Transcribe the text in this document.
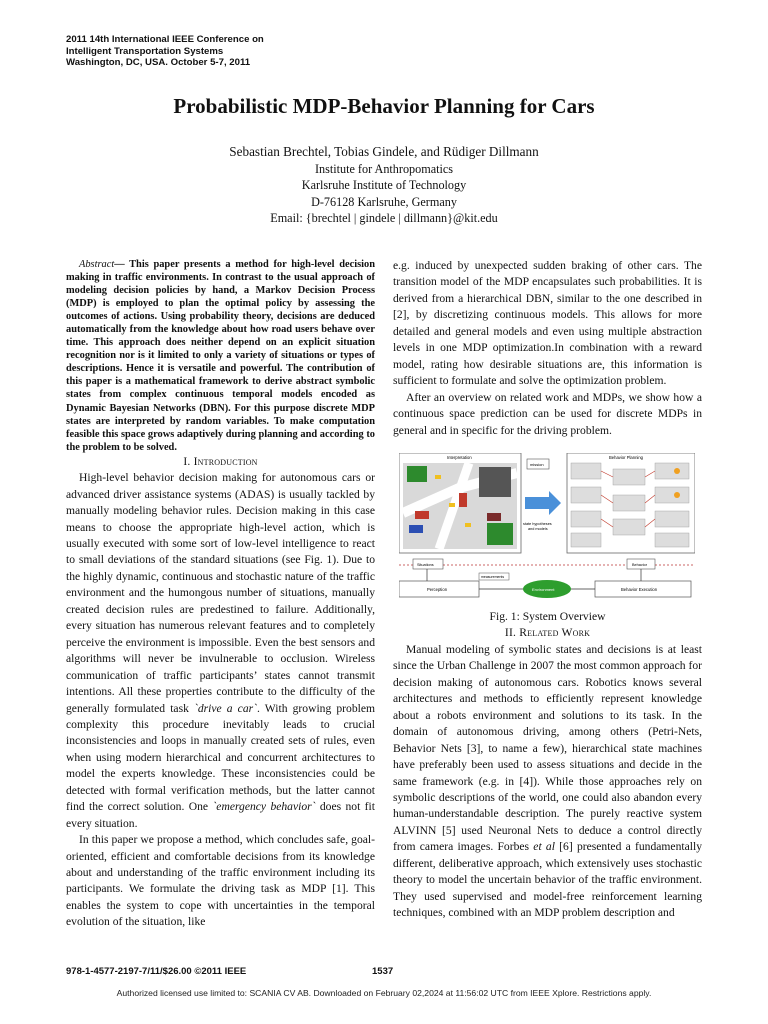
2011 14th International IEEE Conference on
Intelligent Transportation Systems
Washington, DC, USA. October 5-7, 2011
Probabilistic MDP-Behavior Planning for Cars
Sebastian Brechtel, Tobias Gindele, and Rüdiger Dillmann
Institute for Anthropomatics
Karlsruhe Institute of Technology
D-76128 Karlsruhe, Germany
Email: {brechtel | gindele | dillmann}@kit.edu

Abstract— This paper presents a method for high-level decision making in traffic environments. In contrast to the usual approach of modeling decision policies by hand, a Markov Decision Process (MDP) is employed to plan the optimal policy by assessing the outcomes of actions. Using probability theory, decisions are deduced automatically from the knowledge about how road users behave over time. This approach does neither depend on an explicit situation recognition nor is it limited to only a variety of situations or types of descriptions. Hence it is versatile and powerful. The contribution of this paper is a mathematical framework to derive abstract symbolic states from complex continuous temporal models encoded as Dynamic Bayesian Networks (DBN). For this purpose discrete MDP states are interpreted by random variables. To make computation feasible this space grows adaptively during planning and according to the problem to be solved.

I. Introduction

High-level behavior decision making for autonomous cars or advanced driver assistance systems (ADAS) is usually tackled by manually modeling behavior rules. Decision making in this case means to choose the appropriate high-level action, which is usually executed with some sort of low-level intelligence to react to small deviations of the standard situations (see Fig. 1). Due to the highly dynamic, continuous and stochastic nature of the traffic environment and the humongous number of situations, manually created decision rules are predestined to failure. Additionally, every situation has numerous relevant features and to completely perceive the environment is impossible. Even the best sensors and algorithms will never be invulnerable to occlusion. Wireless communication of traffic participants’ states cannot transmit intentions. All these properties contribute to the difficulty of the generally formulated task `drive a car`. With growing problem complexity this procedure inevitably leads to crucial inconsistencies and loops in manually created sets of rules, even when using modern hierarchical and concurrent architectures to model the experts knowledge. These inconsistencies could be detected with formal verification methods, but the latter cannot find the correct solution. One `emergency behavior` does not fit every situation.

In this paper we propose a method, which concludes safe, goal-oriented, efficient and comfortable decisions from its knowledge about and understanding of the traffic environment including its participants. We formulate the driving task as MDP [1]. This enables the system to cope with uncertainties in the temporal evolution of the situation, like

e.g. induced by unexpected sudden braking of other cars. The transition model of the MDP encapsulates such probabilities. It is derived from a hierarchical DBN, similar to the one described in [2], by discretizing continuous models. This allows for more detailed and general models and even using multiple abstraction levels in one MDP optimization.In combination with a reward model, rating how desirable situations are, this information is sufficient to formulate and solve the optimization problem.

After an overview on related work and MDPs, we show how a continuous space prediction can be used for discrete MDPs in general and in specific for the driving problem.

Interpretation
mission
state hypotheses
and models
Behavior Planning
Situations	Behavior
Perception	Environment
measurements
Behavior Execution

Fig. 1: System Overview

II. Related Work

Manual modeling of symbolic states and decisions is at least since the Urban Challenge in 2007 the most common approach for decision making of autonomous cars. Robotics knows several architectures and methods to efficiently represent knowledge about a robots environment and solutions to its task. In the domain of autonomous driving, among others (Petri-Nets, Behavior Nets [3], to name a few), hierarchical state machines have preferably been used to assess situations and decide in the same framework (e.g. in [4]). While those approaches rely on symbolic descriptions of the world, one could also abandon every human-understandable description. The purely reactive system ALVINN [5] used Neuronal Nets to deduce a control directly from camera images. Forbes et al [6] presented a fundamentally different, deliberative approach, which extensively uses stochastic theory to model the uncertain behavior of the traffic environment. They used supervised and model-free reinforcement learning techniques, combined with an MDP problem description and

978-1-4577-2197-7/11/$26.00 ©2011 IEEE	1537
Authorized licensed use limited to: SCANIA CV AB. Downloaded on February 02,2024 at 11:56:02 UTC from IEEE Xplore. Restrictions apply.
